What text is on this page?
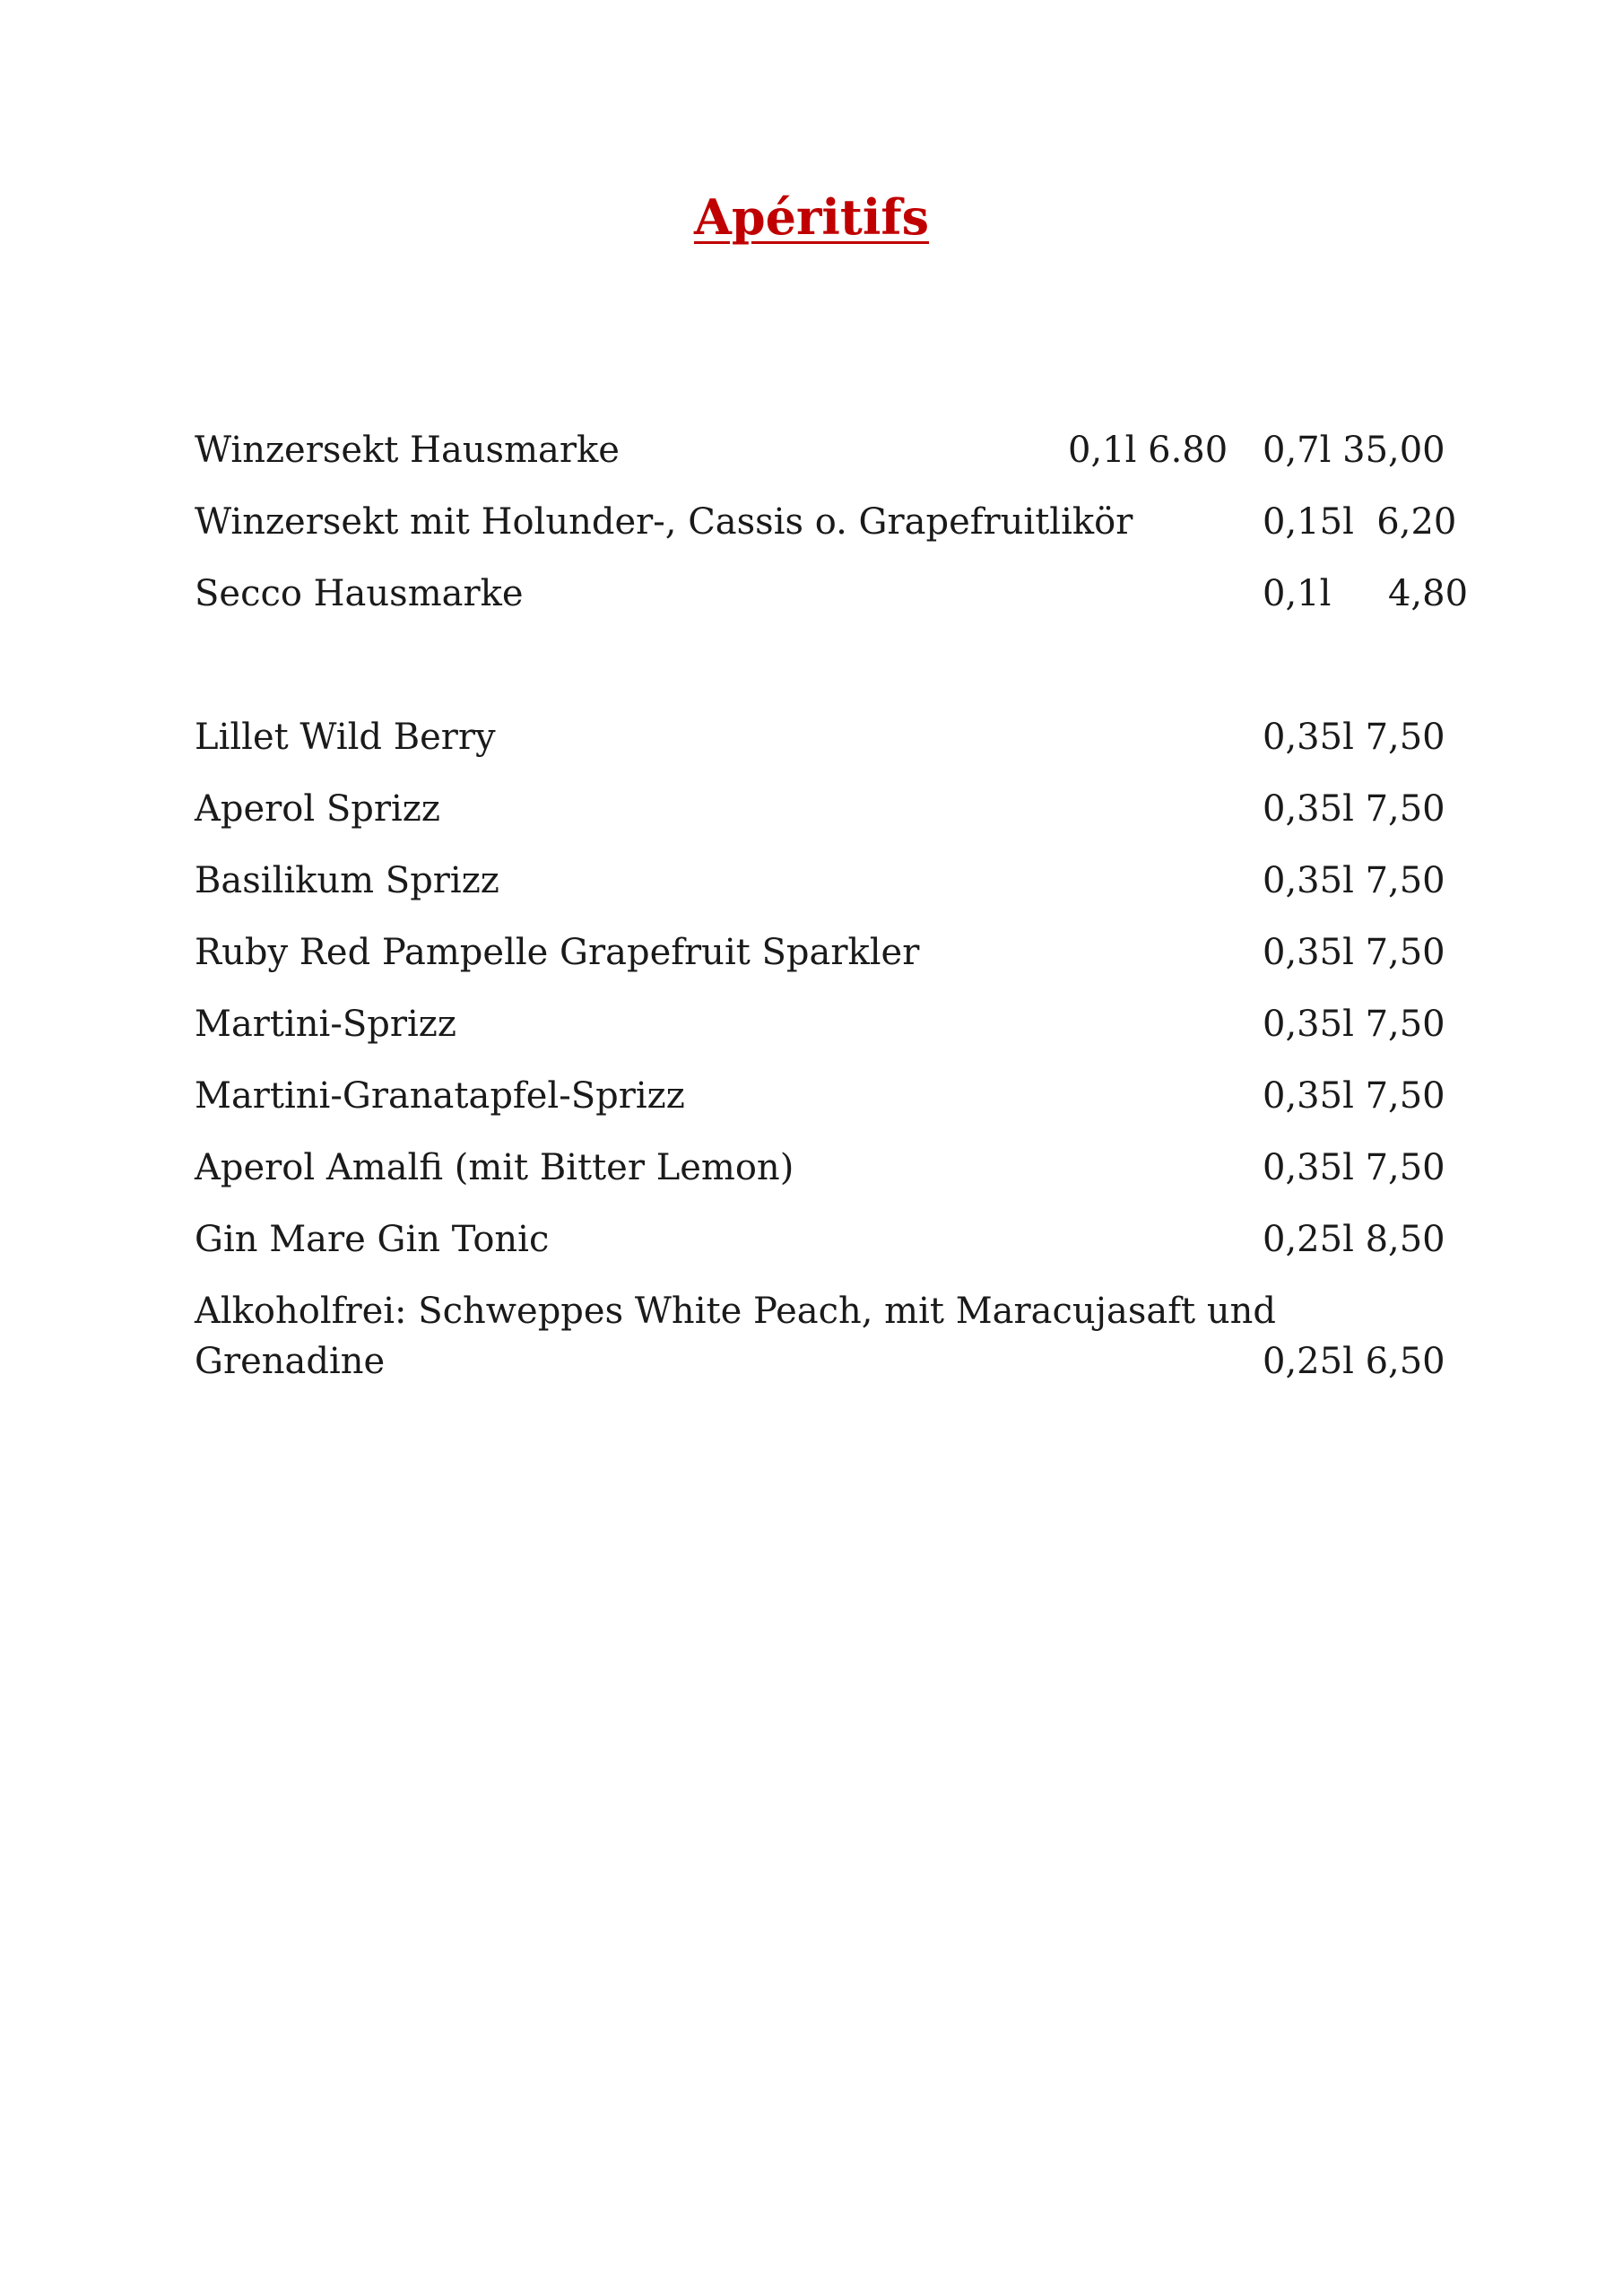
Apéritifs
Winzersekt Hausmarke	0,1l 6.80 0,7l 35,00
Winzersekt mit Holunder-, Cassis o. Grapefruitlikör	0,15l  6,20
Secco Hausmarke	0,1l     4,80
Lillet Wild Berry	0,35l 7,50
Aperol Sprizz	0,35l 7,50
Basilikum Sprizz	0,35l 7,50
Ruby Red Pampelle Grapefruit Sparkler	0,35l 7,50
Martini-Sprizz	0,35l 7,50
Martini-Granatapfel-Sprizz	0,35l 7,50
Aperol Amalfi (mit Bitter Lemon)	0,35l 7,50
Gin Mare Gin Tonic	0,25l 8,50
Alkoholfrei: Schweppes White Peach, mit Maracujasaft und
Grenadine	0,25l 6,50
